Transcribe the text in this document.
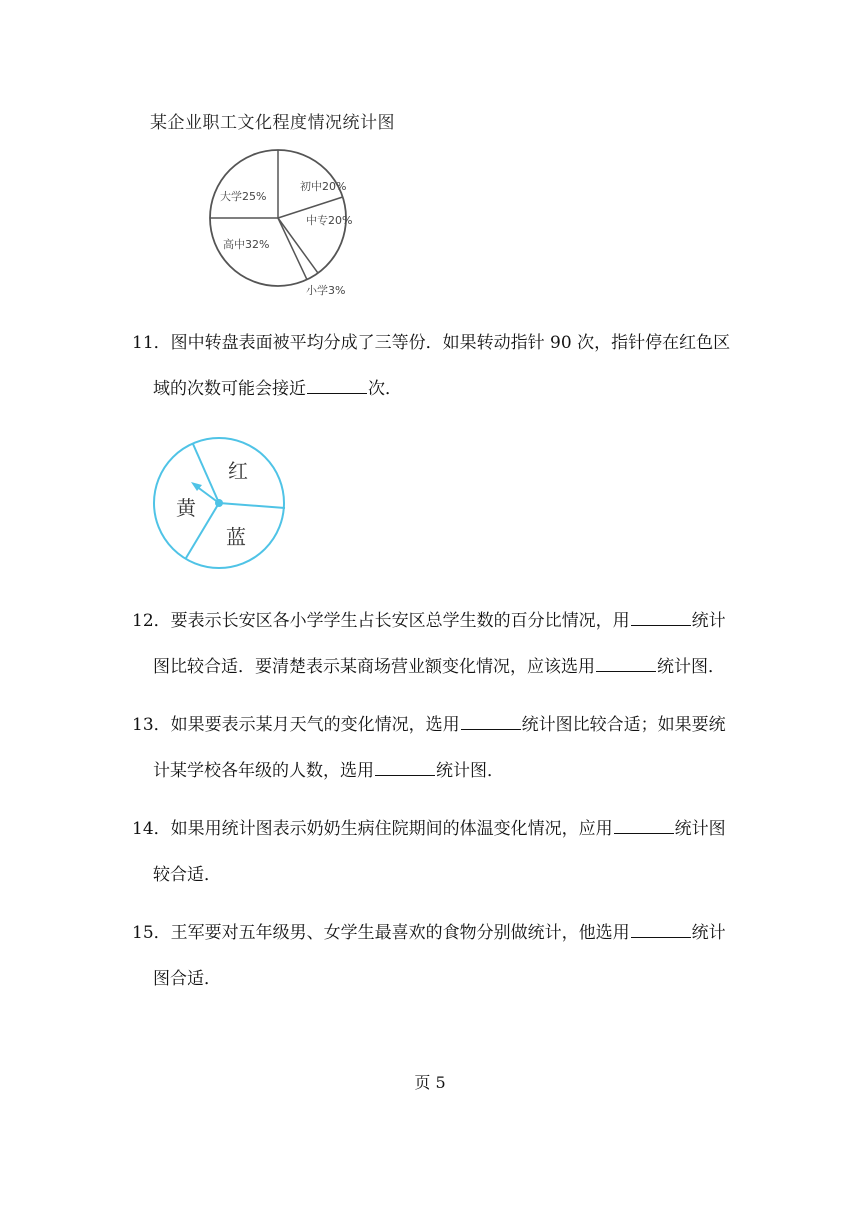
某企业职工文化程度情况统计图
大学25%
初中20%
中专20%
小学3%
高中32%

11．图中转盘表面被平均分成了三等份．如果转动指针 90 次，指针停在红色区

域的次数可能会接近	次．

红
黄
蓝

12．要表示长安区各小学学生占长安区总学生数的百分比情况，用	统计

图比较合适．要清楚表示某商场营业额变化情况，应该选用	统计图．

13．如果要表示某月天气的变化情况，选用	统计图比较合适；如果要统

计某学校各年级的人数，选用	统计图．

14．如果用统计图表示奶奶生病住院期间的体温变化情况，应用	统计图

较合适．

15．王军要对五年级男、女学生最喜欢的食物分别做统计，他选用	统计

图合适．

页 5
